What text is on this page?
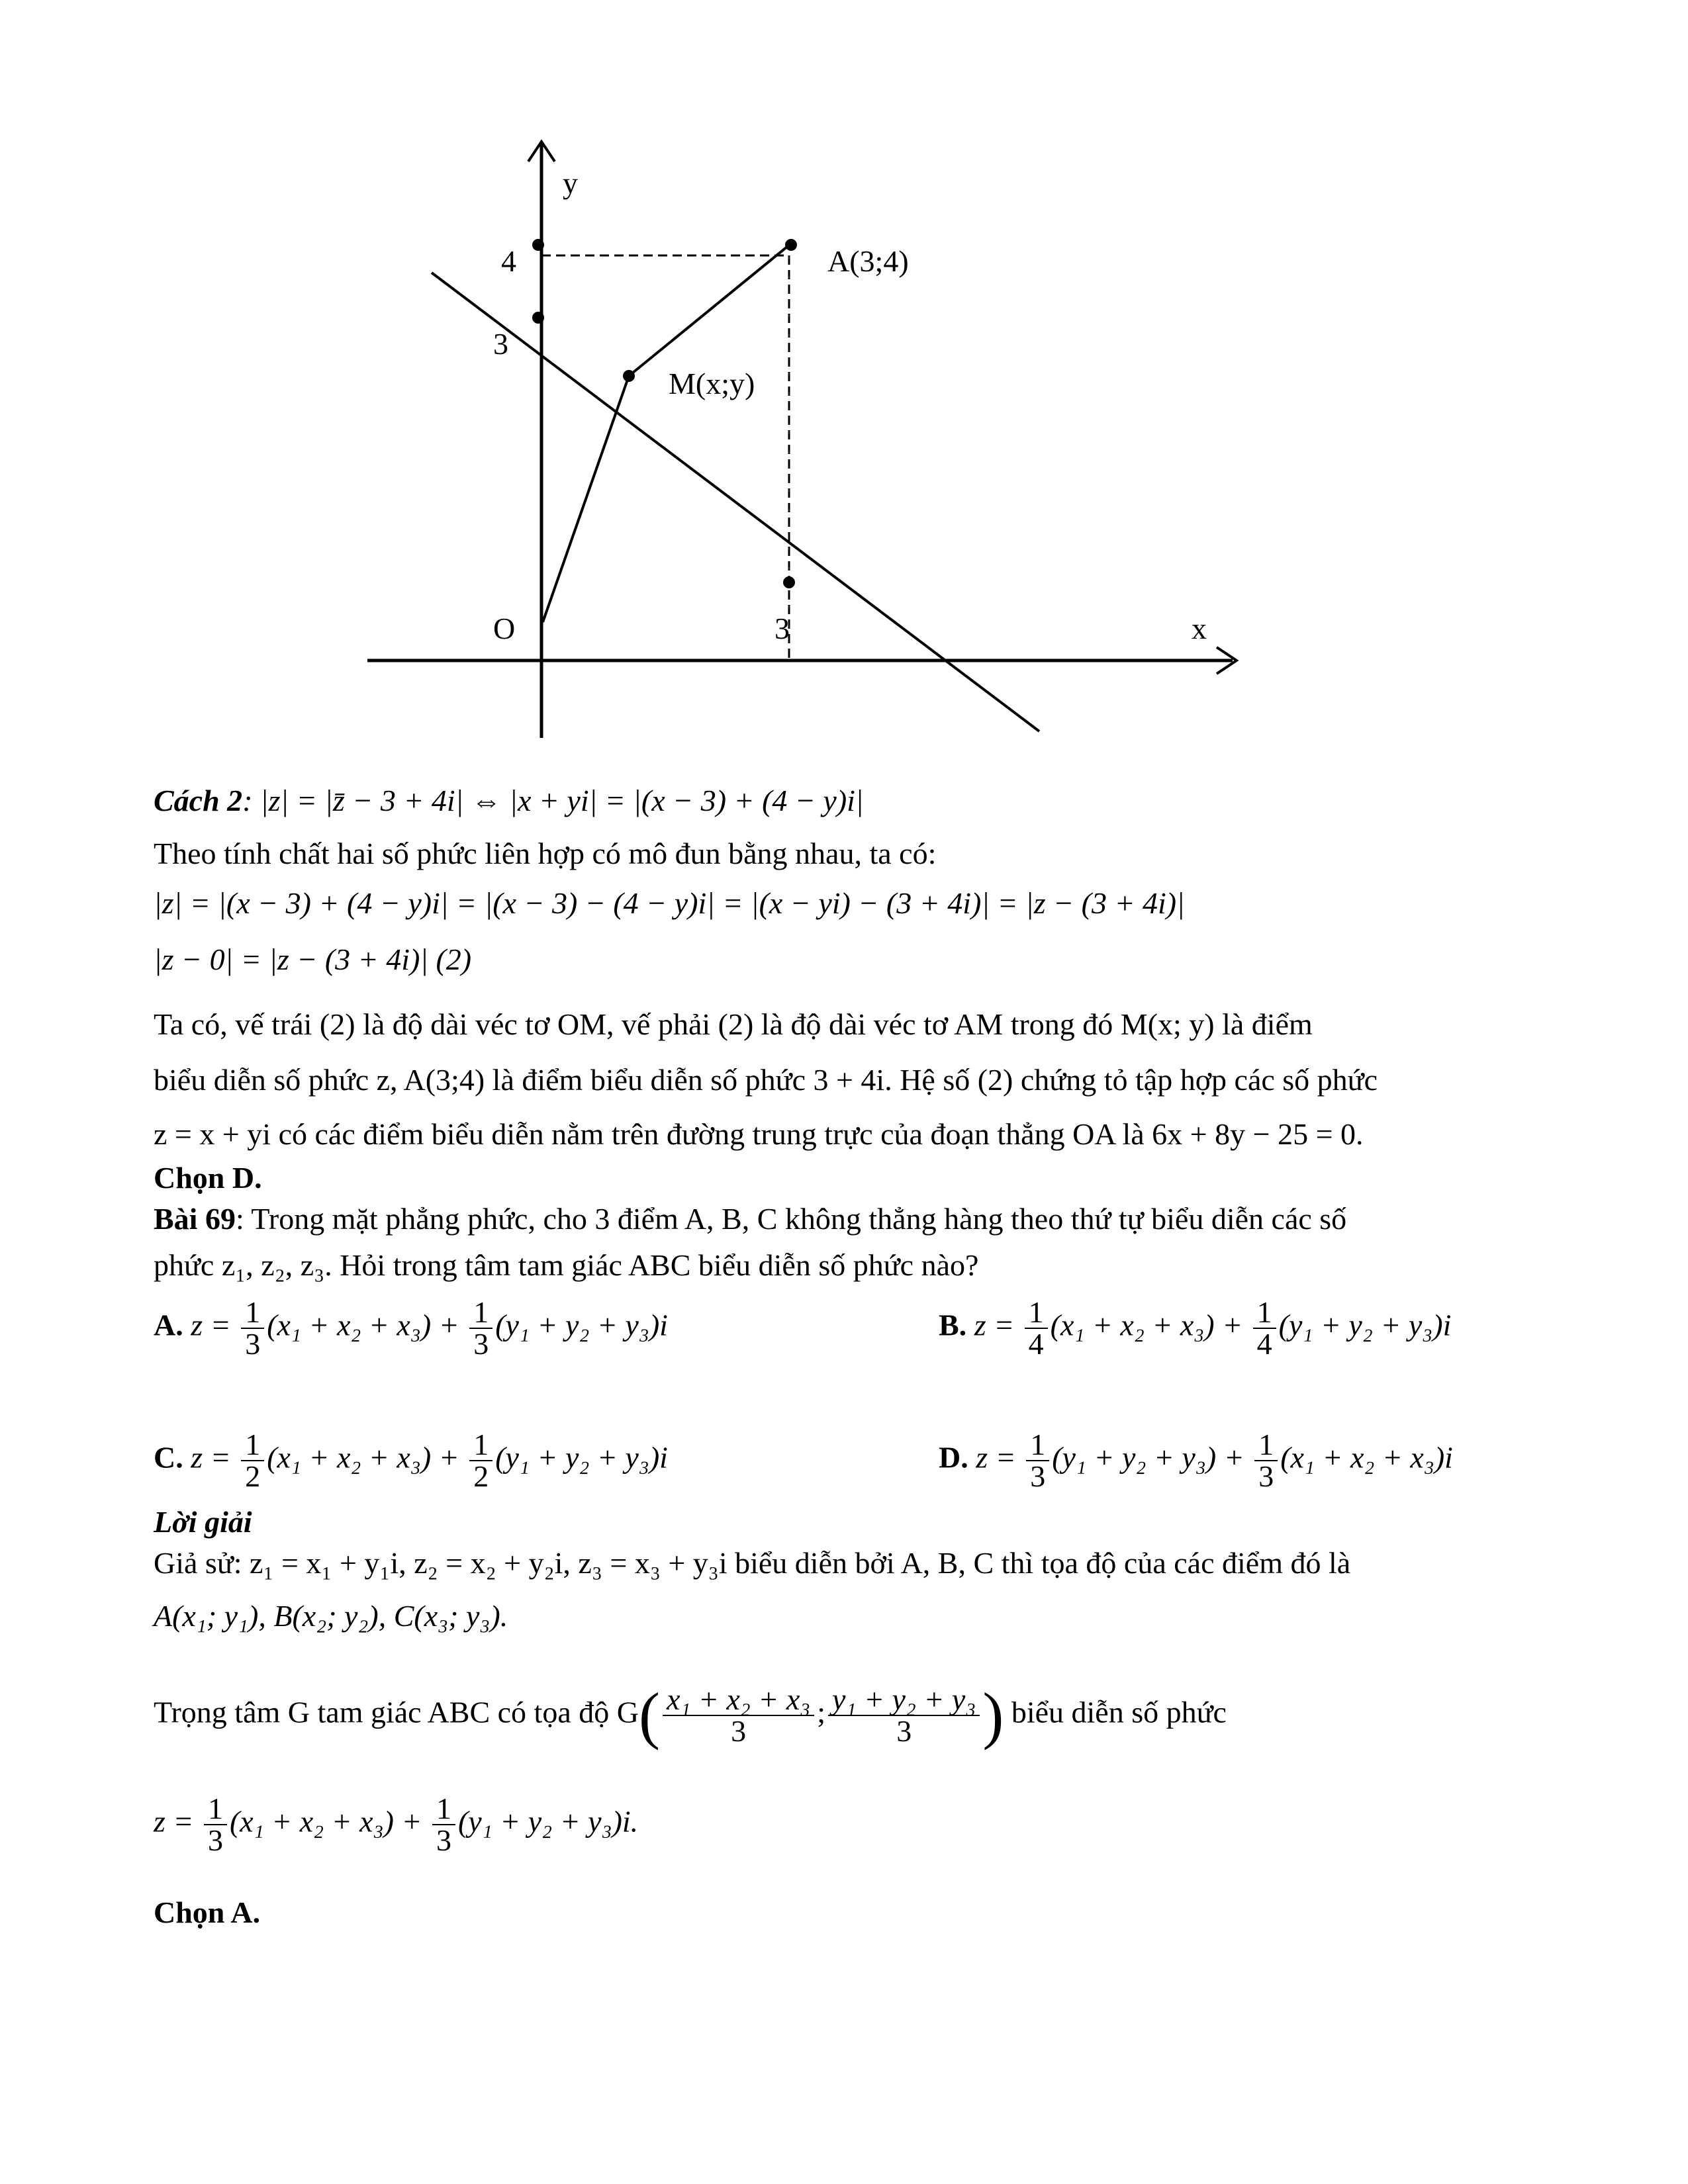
y
x
O
4
3
3
A(3;4)
M(x;y)
Cách 2: |z| = |z̄ − 3 + 4i| ⇔ |x + yi| = |(x − 3) + (4 − y)i|
Theo tính chất hai số phức liên hợp có mô đun bằng nhau, ta có:
|z| = |(x − 3) + (4 − y)i| = |(x − 3) − (4 − y)i| = |(x − yi) − (3 + 4i)| = |z − (3 + 4i)|
|z − 0| = |z − (3 + 4i)| (2)
Ta có, vế trái (2) là độ dài véc tơ OM, vế phải (2) là độ dài véc tơ AM trong đó M(x; y) là điểm
biểu diễn số phức z, A(3;4) là điểm biểu diễn số phức 3 + 4i. Hệ số (2) chứng tỏ tập hợp các số phức
z = x + yi có các điểm biểu diễn nằm trên đường trung trực của đoạn thẳng OA là 6x + 8y − 25 = 0.
Chọn D.
Bài 69: Trong mặt phẳng phức, cho 3 điểm A, B, C không thẳng hàng theo thứ tự biểu diễn các số
phức z₁, z₂, z₃. Hỏi trong tâm tam giác ABC biểu diễn số phức nào?
A. $z = \frac{1}{3} (x_1 + x_2 + x_3) + \frac{1}{3} (y_1 + y_2 + y_3)i$	B. $z = \frac{1}{4} (x_1 + x_2 + x_3) + \frac{1}{4} (y_1 + y_2 + y_3)i$
C. $z = \frac{1}{2} (x_1 + x_2 + x_3) + \frac{1}{2} (y_1 + y_2 + y_3)i$	D. $z = \frac{1}{3} (y_1 + y_2 + y_3) + \frac{1}{3} (x_1 + x_2 + x_3)i$
Lời giải
Giả sử: z₁ = x₁ + y₁i, z₂ = x₂ + y₂i, z₃ = x₃ + y₃i biểu diễn bởi A, B, C thì tọa độ của các điểm đó là
A(x₁; y₁), B(x₂; y₂), C(x₃; y₃).
Trọng tâm G tam giác ABC có tọa độ $G( \frac{\text{x₁ + x₂ + x₃}}{3}$ ; $\frac{\text{y₁ + y₂ + y₃}}{3}$ ) biểu diễn số phức
$z = \frac{1}{3} (x_1 + x_2 + x_3) + \frac{1}{3} (y_1 + y_2 + y_3)i$.
Chọn A.
